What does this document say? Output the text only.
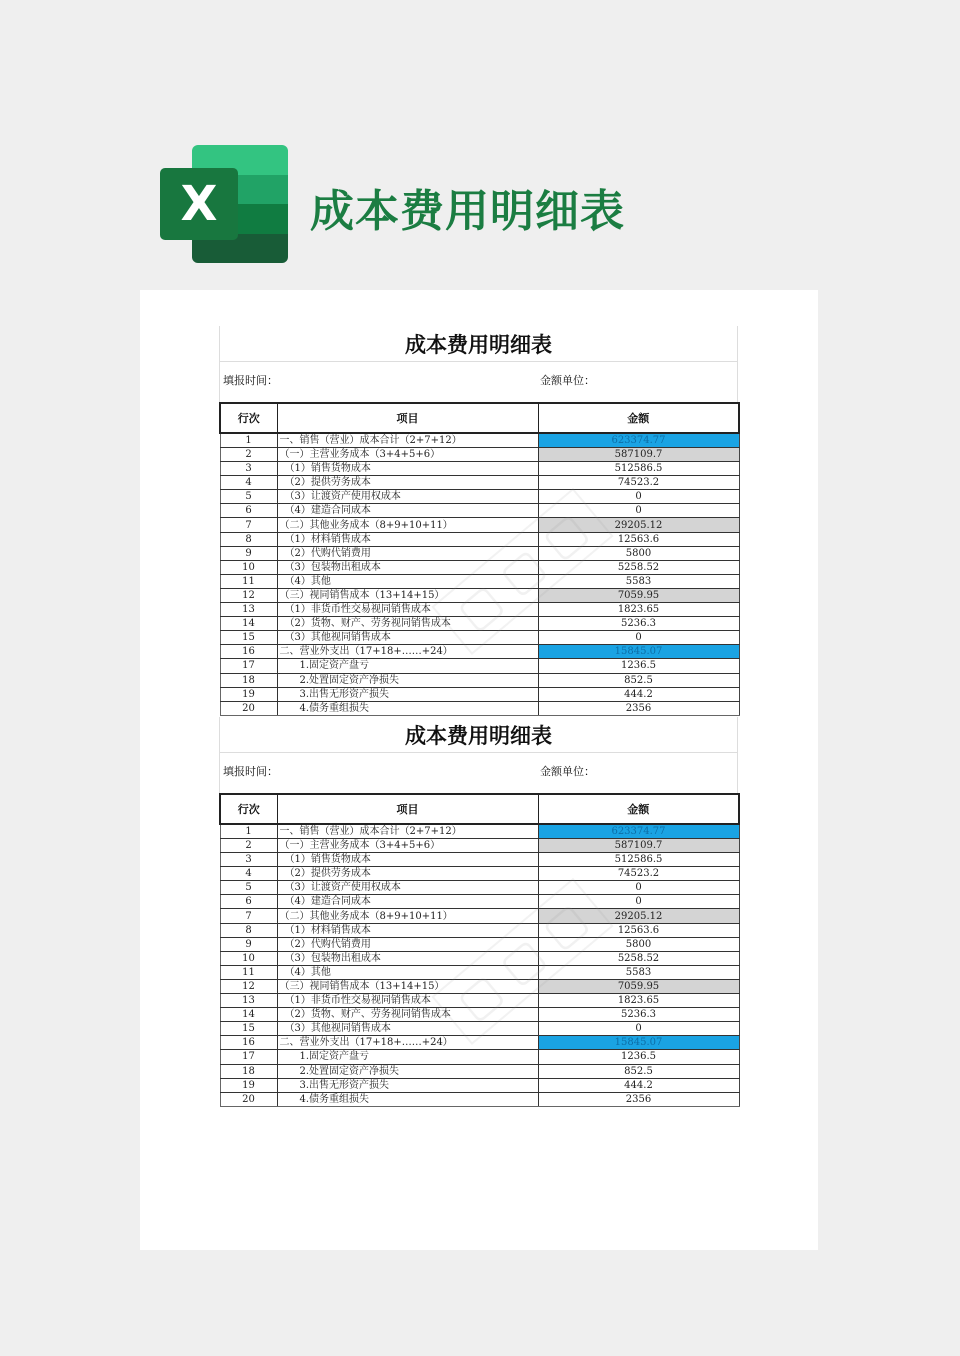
X	成本费用明细表
成本费用明细表
填报时间：	金额单位：
行次	项目	金额
1	一、销售（营业）成本合计（2+7+12）	623374.77
2	（一）主营业务成本（3+4+5+6）	587109.7
3	　（1）销售货物成本	512586.5
4	　（2）提供劳务成本	74523.2
5	　（3）让渡资产使用权成本	0
6	　（4）建造合同成本	0
7	（二）其他业务成本（8+9+10+11）	29205.12
8	　（1）材料销售成本	12563.6
9	　（2）代购代销费用	5800
10	　（3）包装物出租成本	5258.52
11	　（4）其他	5583
12	（三）视同销售成本（13+14+15）	7059.95
13	　（1）非货币性交易视同销售成本	1823.65
14	　（2）货物、财产、劳务视同销售成本	5236.3
15	　（3）其他视同销售成本	0
16	二、营业外支出（17+18+……+24）	15845.07
17	　　1.固定资产盘亏	1236.5
18	　　2.处置固定资产净损失	852.5
19	　　3.出售无形资产损失	444.2
20	　　4.债务重组损失	2356
成本费用明细表
填报时间：	金额单位：
行次	项目	金额
1	一、销售（营业）成本合计（2+7+12）	623374.77
2	（一）主营业务成本（3+4+5+6）	587109.7
3	　（1）销售货物成本	512586.5
4	　（2）提供劳务成本	74523.2
5	　（3）让渡资产使用权成本	0
6	　（4）建造合同成本	0
7	（二）其他业务成本（8+9+10+11）	29205.12
8	　（1）材料销售成本	12563.6
9	　（2）代购代销费用	5800
10	　（3）包装物出租成本	5258.52
11	　（4）其他	5583
12	（三）视同销售成本（13+14+15）	7059.95
13	　（1）非货币性交易视同销售成本	1823.65
14	　（2）货物、财产、劳务视同销售成本	5236.3
15	　（3）其他视同销售成本	0
16	二、营业外支出（17+18+……+24）	15845.07
17	　　1.固定资产盘亏	1236.5
18	　　2.处置固定资产净损失	852.5
19	　　3.出售无形资产损失	444.2
20	　　4.债务重组损失	2356
